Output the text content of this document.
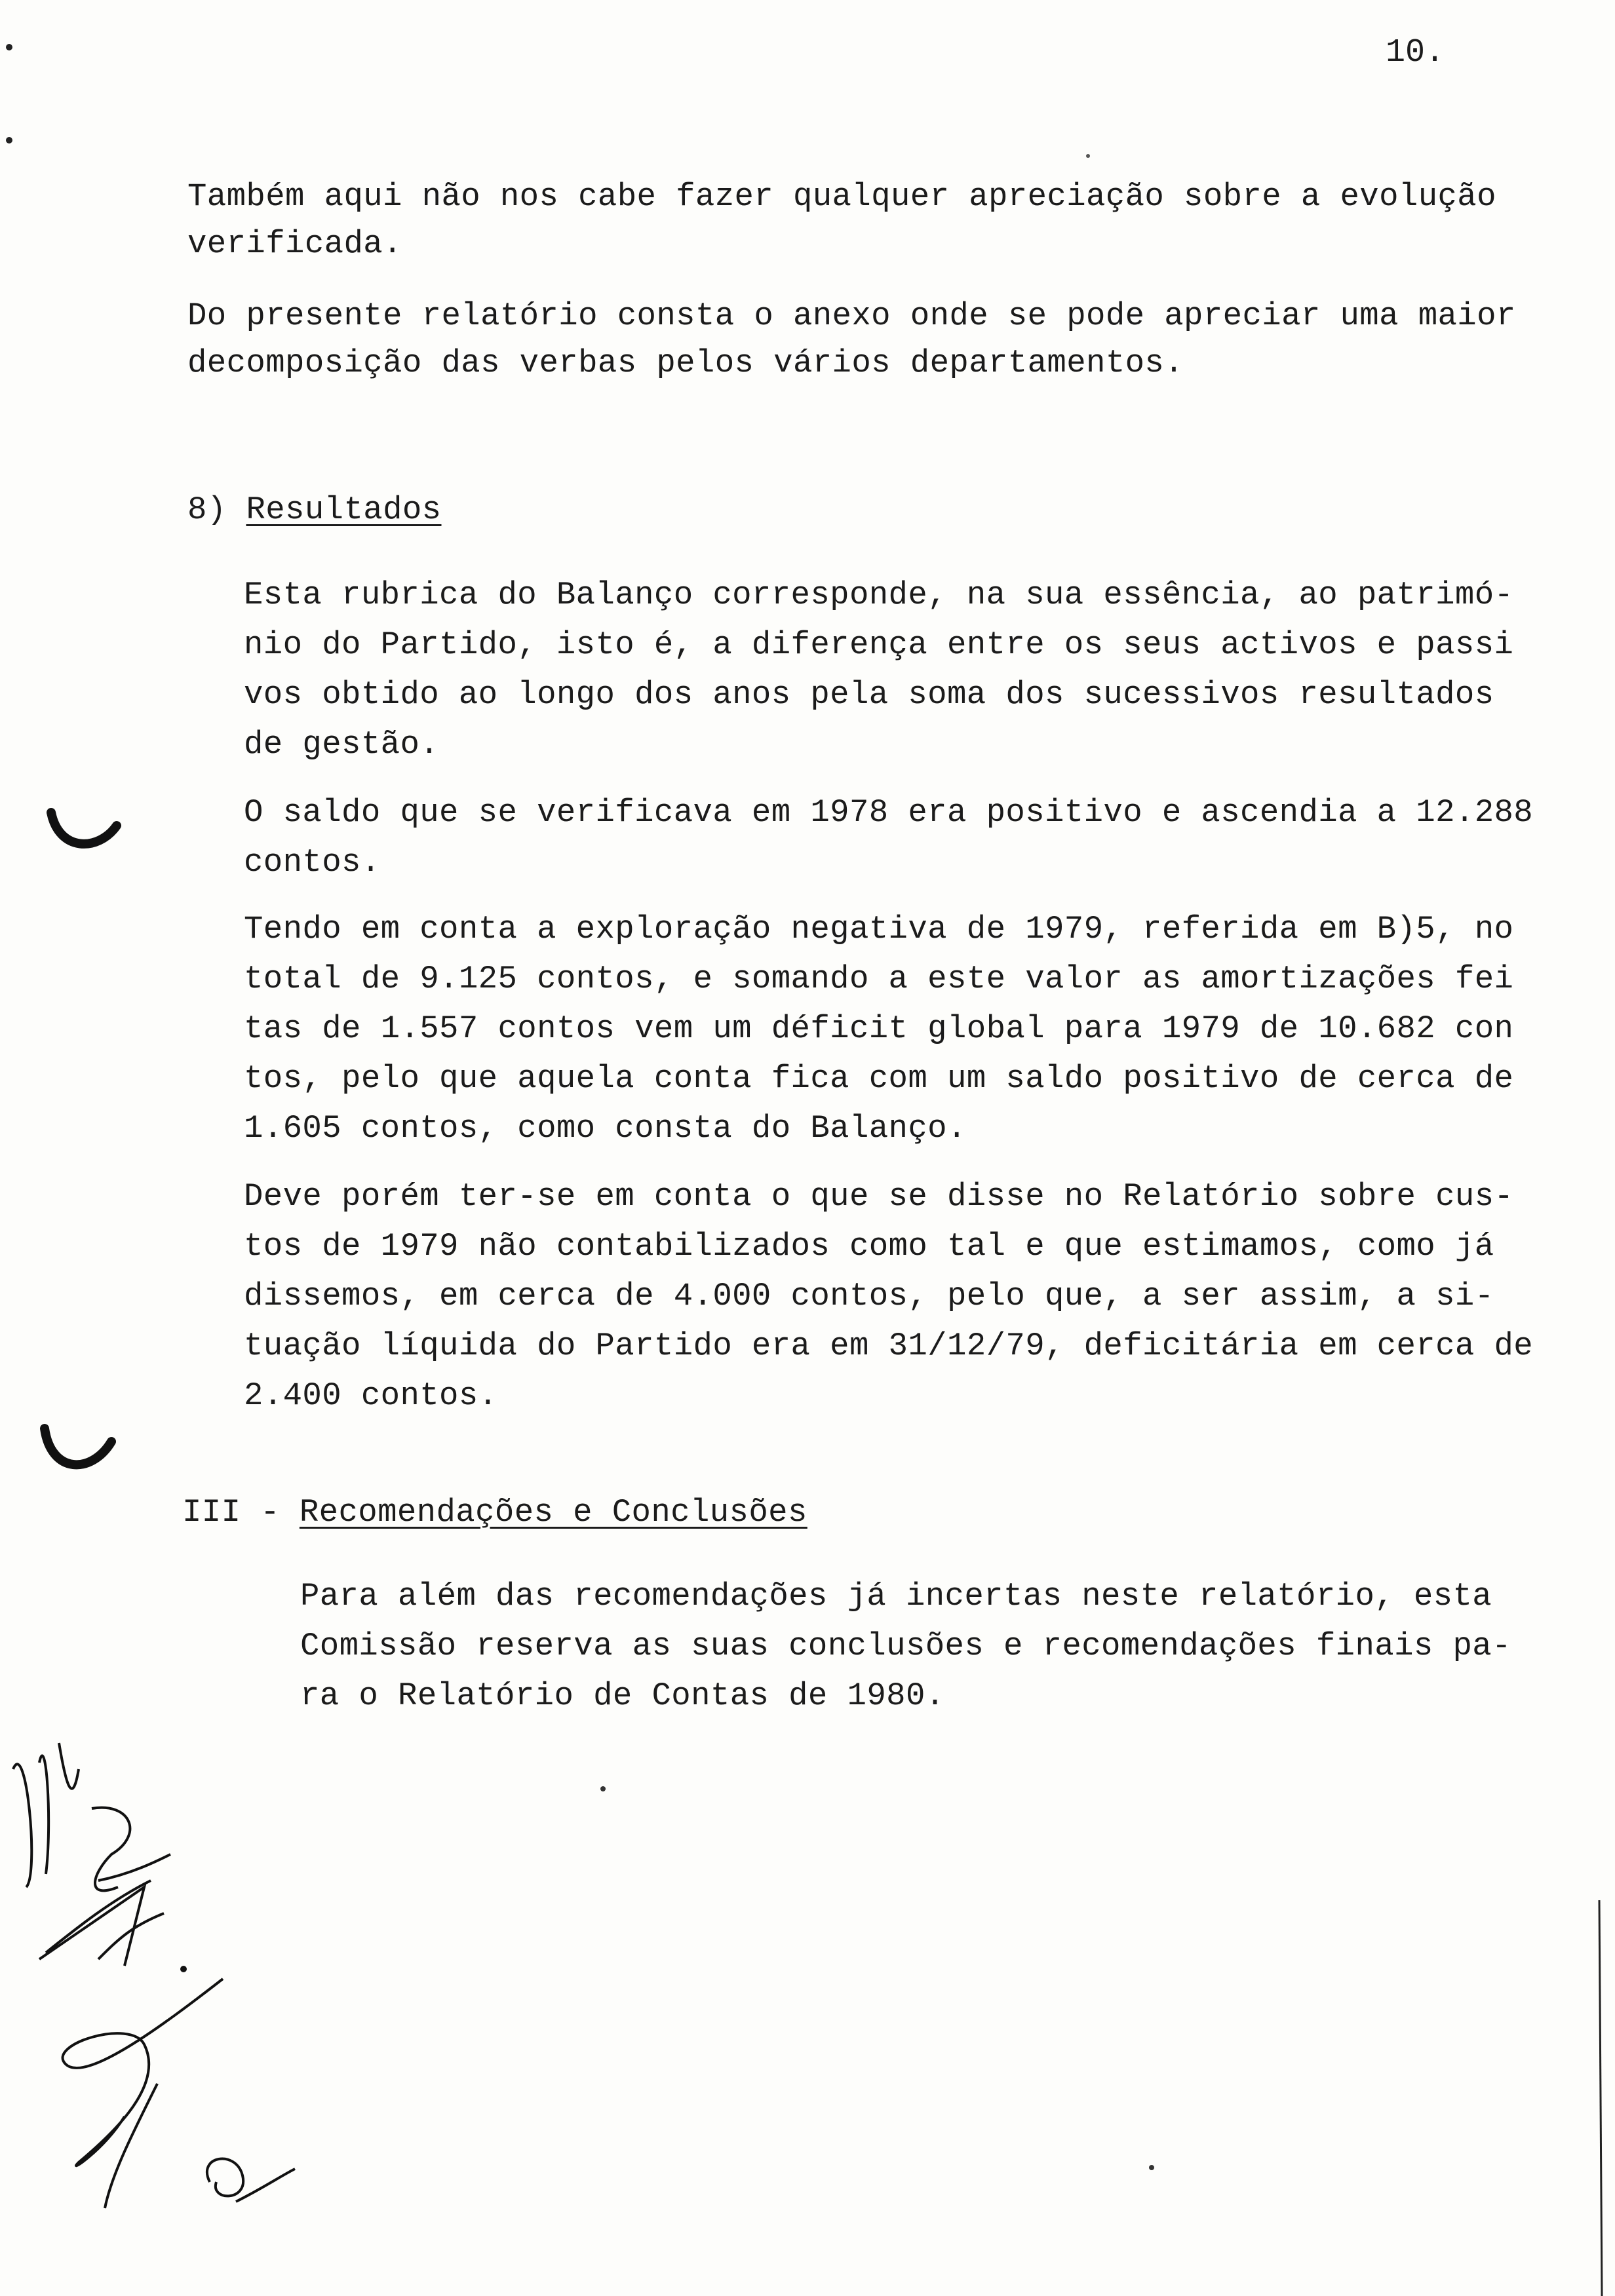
10.
Também aqui não nos cabe fazer qualquer apreciação sobre a evolução
verificada.
Do presente relatório consta o anexo onde se pode apreciar uma maior
decomposição das verbas pelos vários departamentos.
8) Resultados
Esta rubrica do Balanço corresponde, na sua essência, ao patrimó-
nio do Partido, isto é, a diferença entre os seus activos e passi
vos obtido ao longo dos anos pela soma dos sucessivos resultados
de gestão.
O saldo que se verificava em 1978 era positivo e ascendia a 12.288
contos.
Tendo em conta a exploração negativa de 1979, referida em B)5, no
total de 9.125 contos, e somando a este valor as amortizações fei
tas de 1.557 contos vem um déficit global para 1979 de 10.682 con
tos, pelo que aquela conta fica com um saldo positivo de cerca de
1.605 contos, como consta do Balanço.
Deve porém ter-se em conta o que se disse no Relatório sobre cus-
tos de 1979 não contabilizados como tal e que estimamos, como já
dissemos, em cerca de 4.000 contos, pelo que, a ser assim, a si-
tuação líquida do Partido era em 31/12/79, deficitária em cerca de
2.400 contos.
III - Recomendações e Conclusões
Para além das recomendações já incertas neste relatório, esta
Comissão reserva as suas conclusões e recomendações finais pa-
ra o Relatório de Contas de 1980.
